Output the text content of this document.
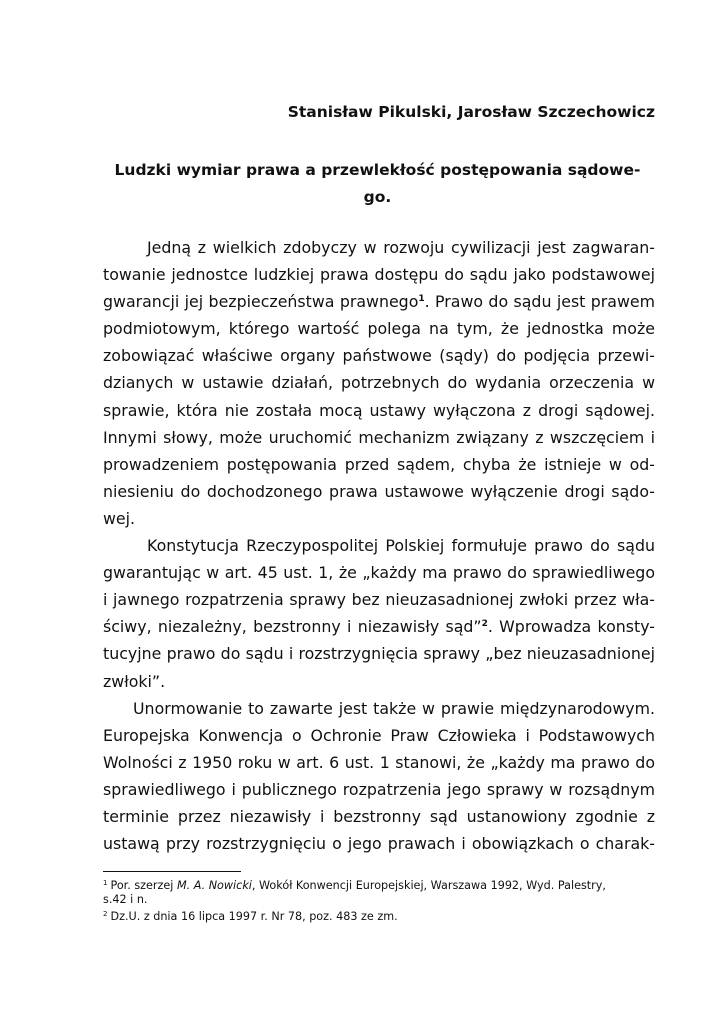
Stanisław Pikulski, Jarosław Szczechowicz
Ludzki wymiar prawa a przewlekłość postępowania sądowe-
go.
Jedną z wielkich zdobyczy w rozwoju cywilizacji jest zagwaran-
towanie jednostce ludzkiej prawa dostępu do sądu jako podstawowej
gwarancji jej bezpieczeństwa prawnego$^1$. Prawo do sądu jest prawem
podmiotowym, którego wartość polega na tym, że jednostka może
zobowiązać właściwe organy państwowe (sądy) do podjęcia przewi-
dzianych w ustawie działań, potrzebnych do wydania orzeczenia w
sprawie, która nie została mocą ustawy wyłączona z drogi sądowej.
Innymi słowy, może uruchomić mechanizm związany z wszczęciem i
prowadzeniem postępowania przed sądem, chyba że istnieje w od-
niesieniu do dochodzonego prawa ustawowe wyłączenie drogi sądo-
wej.
Konstytucja Rzeczypospolitej Polskiej formułuje prawo do sądu
gwarantując w art. 45 ust. 1, że „każdy ma prawo do sprawiedliwego
i jawnego rozpatrzenia sprawy bez nieuzasadnionej zwłoki przez wła-
ściwy, niezależny, bezstronny i niezawisły sąd”$^2$. Wprowadza konsty-
tucyjne prawo do sądu i rozstrzygnięcia sprawy „bez nieuzasadnionej
zwłoki”.
Unormowanie to zawarte jest także w prawie międzynarodowym.
Europejska Konwencja o Ochronie Praw Człowieka i Podstawowych
Wolności z 1950 roku w art. 6 ust. 1 stanowi, że „każdy ma prawo do
sprawiedliwego i publicznego rozpatrzenia jego sprawy w rozsądnym
terminie przez niezawisły i bezstronny sąd ustanowiony zgodnie z
ustawą przy rozstrzygnięciu o jego prawach i obowiązkach o charak-
$^1$ Por. szerzej M. A. Nowicki, Wokół Konwencji Europejskiej, Warszawa 1992, Wyd. Palestry,
s.42 i n.
$^2$ Dz.U. z dnia 16 lipca 1997 r. Nr 78, poz. 483 ze zm.
